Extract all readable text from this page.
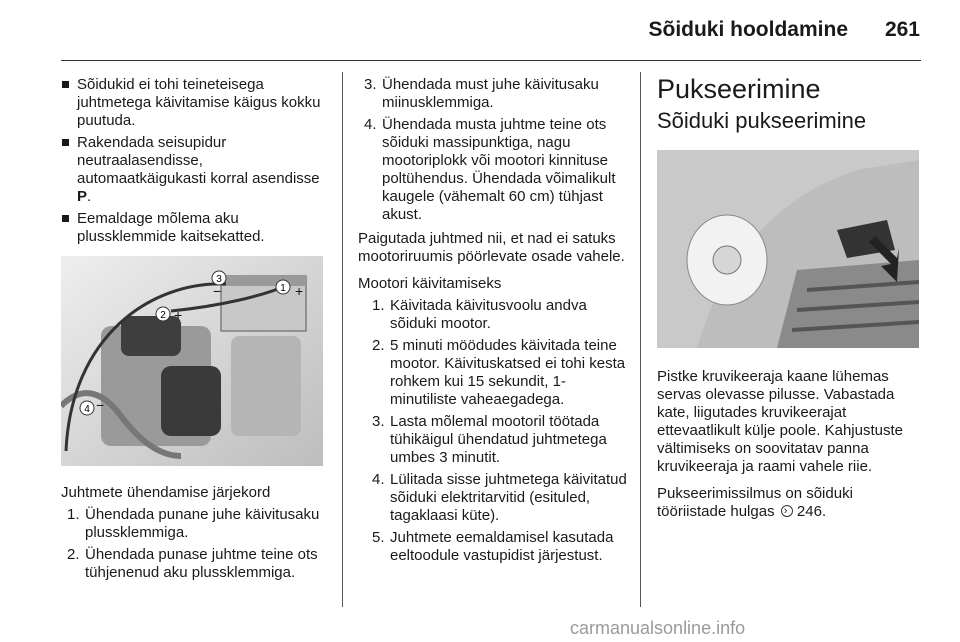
Sõiduki hooldamine	261
Sõidukid ei tohi teineteisega juhtmetega käivitamise käigus kokku puutuda.
Rakendada seisupidur neutraalasendisse, automaatkäigukasti korral asendisse P.
Eemaldage mõlema aku plussklemmide kaitsekatted.
1 +
2 +
3
−
4 −

Juhtmete ühendamise järjekord

1. Ühendada punane juhe käivitusaku plussklemmiga.
2. Ühendada punase juhtme teine ots tühjenenud aku plussklemmiga.
3. Ühendada must juhe käivitusaku miinusklemmiga.
4. Ühendada musta juhtme teine ots sõiduki massipunktiga, nagu mootoriplokk või mootori kinnituse poltühendus. Ühendada võimalikult kaugele (vähemalt 60 cm) tühjast akust.

Paigutada juhtmed nii, et nad ei satuks mootoriruumis pöörlevate osade vahele.

Mootori käivitamiseks

1. Käivitada käivitusvoolu andva sõiduki mootor.
2. 5 minuti möödudes käivitada teine mootor. Käivituskatsed ei tohi kesta rohkem kui 15 sekundit, 1-minutiliste vaheaegadega.
3. Lasta mõlemal mootoril töötada tühikäigul ühendatud juhtmetega umbes 3 minutit.
4. Lülitada sisse juhtmetega käivitatud sõiduki elektritarvitid (esituled, tagaklaasi küte).
5. Juhtmete eemaldamisel kasutada eeltoodule vastupidist järjestust.
Pukseerimine
Sõiduki pukseerimine

Pistke kruvikeeraja kaane lühemas servas olevasse pilusse. Vabastada kate, liigutades kruvikeerajat ettevaatlikult külje poole. Kahjustuste vältimiseks on soovitatav panna kruvikeeraja ja raami vahele riie.

Pukseerimissilmus on sõiduki tööriistade hulgas › 246.

carmanualsonline.info
